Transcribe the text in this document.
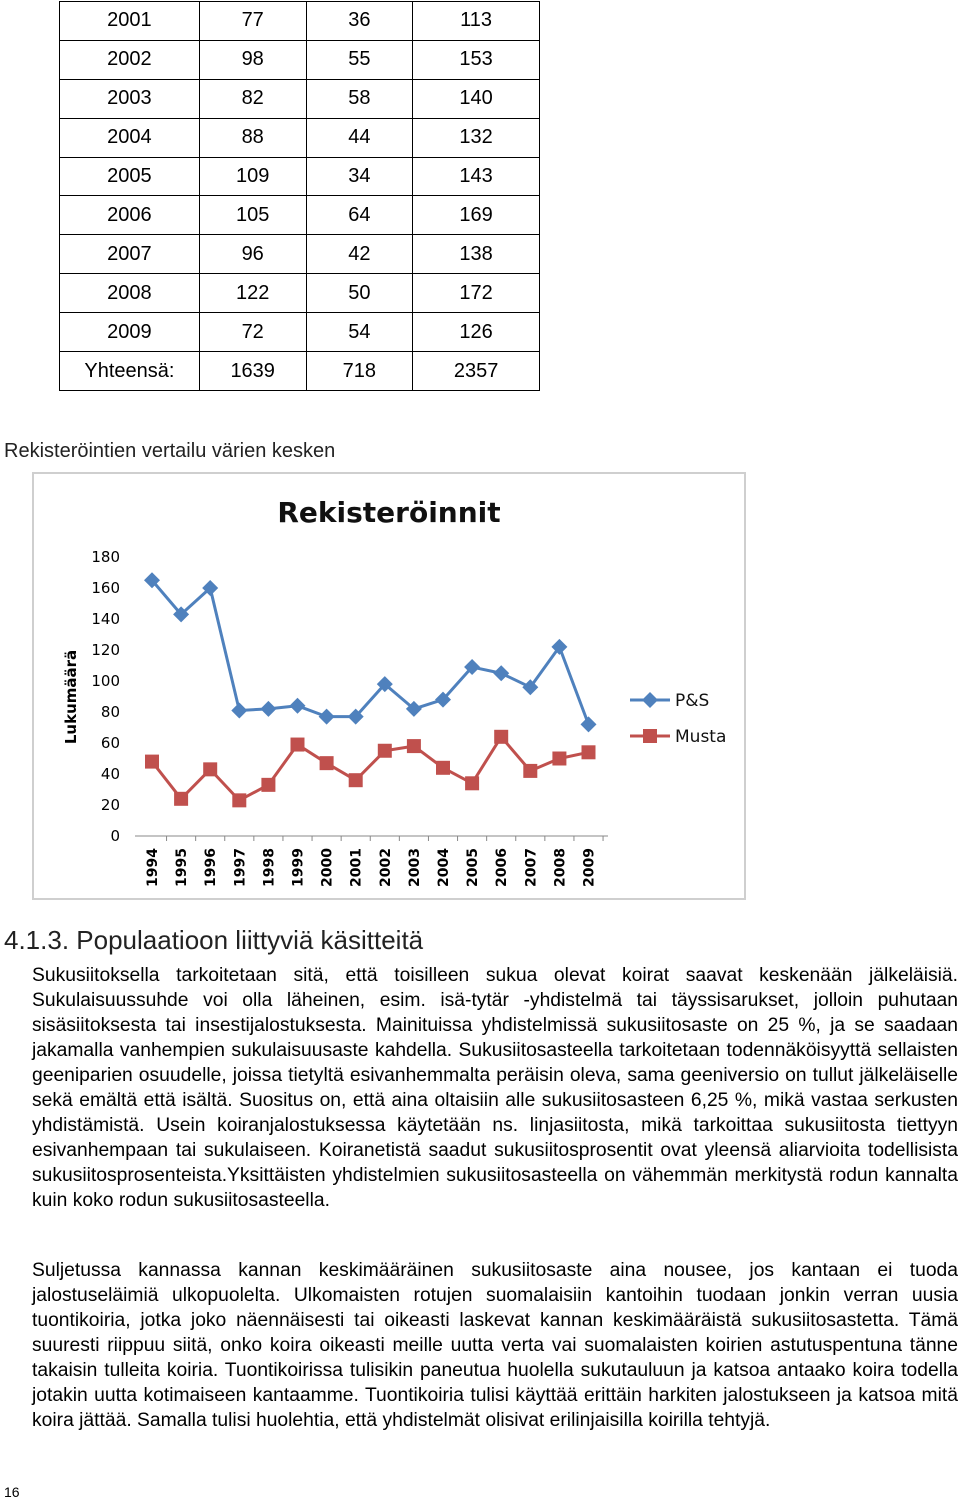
2001	77	36	113
2002	98	55	153
2003	82	58	140
2004	88	44	132
2005	109	34	143
2006	105	64	169
2007	96	42	138
2008	122	50	172
2009	72	54	126
Yhteensä:	1639	718	2357
Rekisteröintien vertailu värien kesken
Rekisteröinnit
Lukumäärä
0
20
40
60
80
100
120
140
160
180
1994 1995 1996 1997 1998 1999 2000 2001 2002 2003 2004 2005 2006 2007 2008 2009
P&S
Musta
4.1.3. Populaatioon liittyviä käsitteitä

Sukusiitoksella tarkoitetaan sitä, että toisilleen sukua olevat koirat saavat keskenään jälkeläisiä. Sukulaisuussuhde voi olla läheinen, esim. isä-tytär -yhdistelmä tai täyssisarukset, jolloin puhutaan sisäsiitoksesta tai insestijalostuksesta. Mainituissa yhdistelmissä sukusiitosaste on 25 %, ja se saadaan jakamalla vanhempien sukulaisuusaste kahdella. Sukusiitosasteella tarkoitetaan todennäköisyyttä sellaisten geeniparien osuudelle, joissa tietyltä esivanhemmalta peräisin oleva, sama geeniversio on tullut jälkeläiselle sekä emältä että isältä. Suositus on, että aina oltaisiin alle sukusiitosasteen 6,25 %, mikä vastaa serkusten yhdistämistä. Usein koiranjalostuksessa käytetään ns. linjasiitosta, mikä tarkoittaa sukusiitosta tiettyyn esivanhempaan tai sukulaiseen. Koiranetistä saadut sukusiitosprosentit ovat yleensä aliarvioita todellisista sukusiitosprosenteista.Yksittäisten yhdistelmien sukusiitosasteella on vähemmän merkitystä rodun kannalta kuin koko rodun sukusiitosasteella.

Suljetussa kannassa kannan keskimääräinen sukusiitosaste aina nousee, jos kantaan ei tuoda jalostuseläimiä ulkopuolelta. Ulkomaisten rotujen suomalaisiin kantoihin tuodaan jonkin verran uusia tuontikoiria, jotka joko näennäisesti tai oikeasti laskevat kannan keskimääräistä sukusiitosastetta. Tämä suuresti riippuu siitä, onko koira oikeasti meille uutta verta vai suomalaisten koirien astutuspentuna tänne takaisin tulleita koiria. Tuontikoirissa tulisikin paneutua huolella sukutauluun ja katsoa antaako koira todella jotakin uutta kotimaiseen kantaamme. Tuontikoiria tulisi käyttää erittäin harkiten jalostukseen ja katsoa mitä koira jättää. Samalla tulisi huolehtia, että yhdistelmät olisivat erilinjaisilla koirilla tehtyjä.

16
